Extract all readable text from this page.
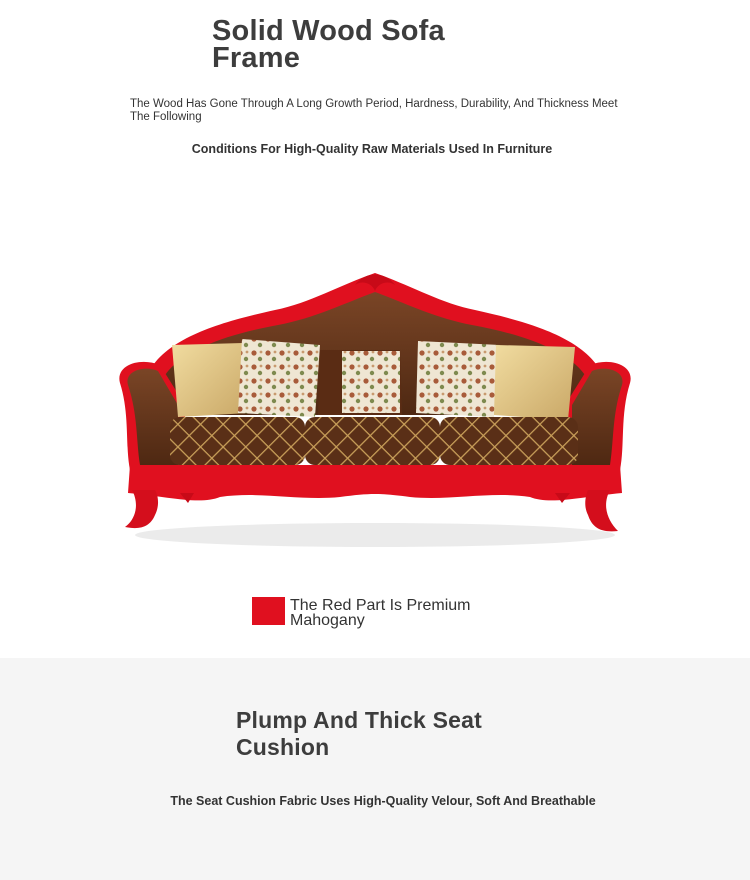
Solid Wood Sofa Frame

The Wood Has Gone Through A Long Growth Period, Hardness, Durability, And Thickness Meet The Following

Conditions For High-Quality Raw Materials Used In Furniture

The Red Part Is Premium Mahogany
Plump And Thick Seat Cushion

The Seat Cushion Fabric Uses High-Quality Velour, Soft And Breathable
